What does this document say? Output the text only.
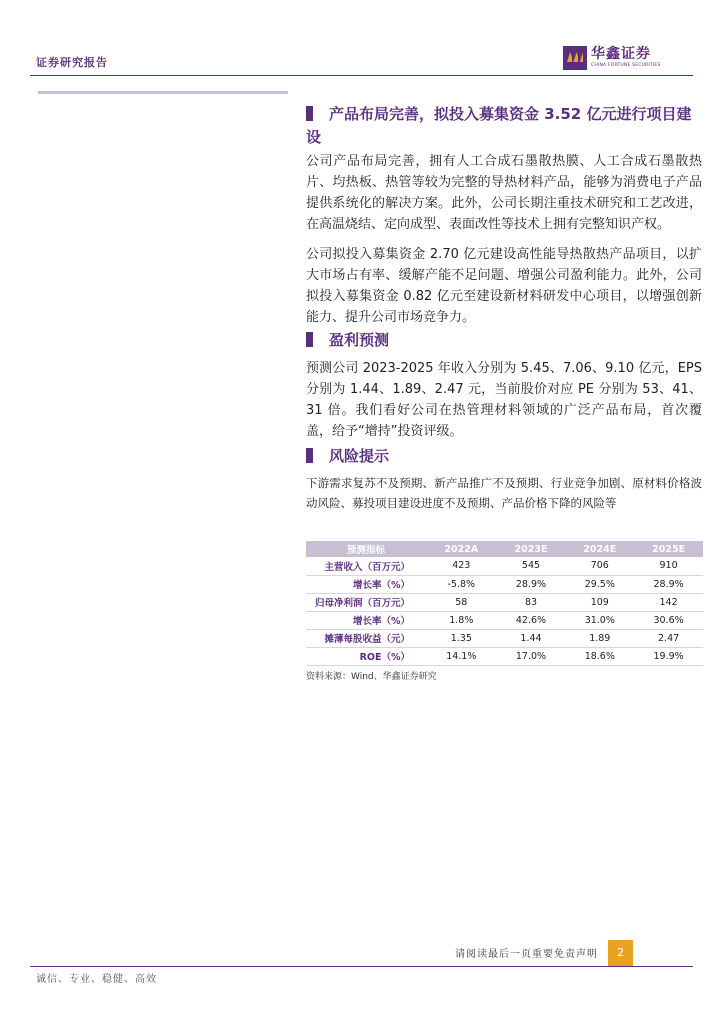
证券研究报告
华鑫证券
CHINA FORTUNE SECURITIES
产品布局完善，拟投入募集资金 3.52 亿元进行项目建设
公司产品布局完善，拥有人工合成石墨散热膜、人工合成石墨散热片、均热板、热管等较为完整的导热材料产品，能够为消费电子产品提供系统化的解决方案。此外，公司长期注重技术研究和工艺改进，在高温烧结、定向成型、表面改性等技术上拥有完整知识产权。
公司拟投入募集资金 2.70 亿元建设高性能导热散热产品项目，以扩大市场占有率、缓解产能不足问题、增强公司盈利能力。此外，公司拟投入募集资金 0.82 亿元至建设新材料研发中心项目，以增强创新能力、提升公司市场竞争力。
盈利预测
预测公司 2023-2025 年收入分别为 5.45、7.06、9.10 亿元，EPS 分别为 1.44、1.89、2.47 元，当前股价对应 PE 分别为 53、41、31 倍。我们看好公司在热管理材料领域的广泛产品布局，首次覆盖，给予“增持”投资评级。
风险提示
下游需求复苏不及预期、新产品推广不及预期、行业竞争加剧、原材料价格波动风险、募投项目建设进度不及预期、产品价格下降的风险等
预测指标	2022A	2023E	2024E	2025E
主营收入（百万元）	423	545	706	910
增长率（%）	-5.8%	28.9%	29.5%	28.9%
归母净利润（百万元）	58	83	109	142
增长率（%）	1.8%	42.6%	31.0%	30.6%
摊薄每股收益（元）	1.35	1.44	1.89	2.47
ROE（%）	14.1%	17.0%	18.6%	19.9%
资料来源：Wind、华鑫证券研究
请阅读最后一页重要免责声明	2
诚信、专业、稳健、高效
